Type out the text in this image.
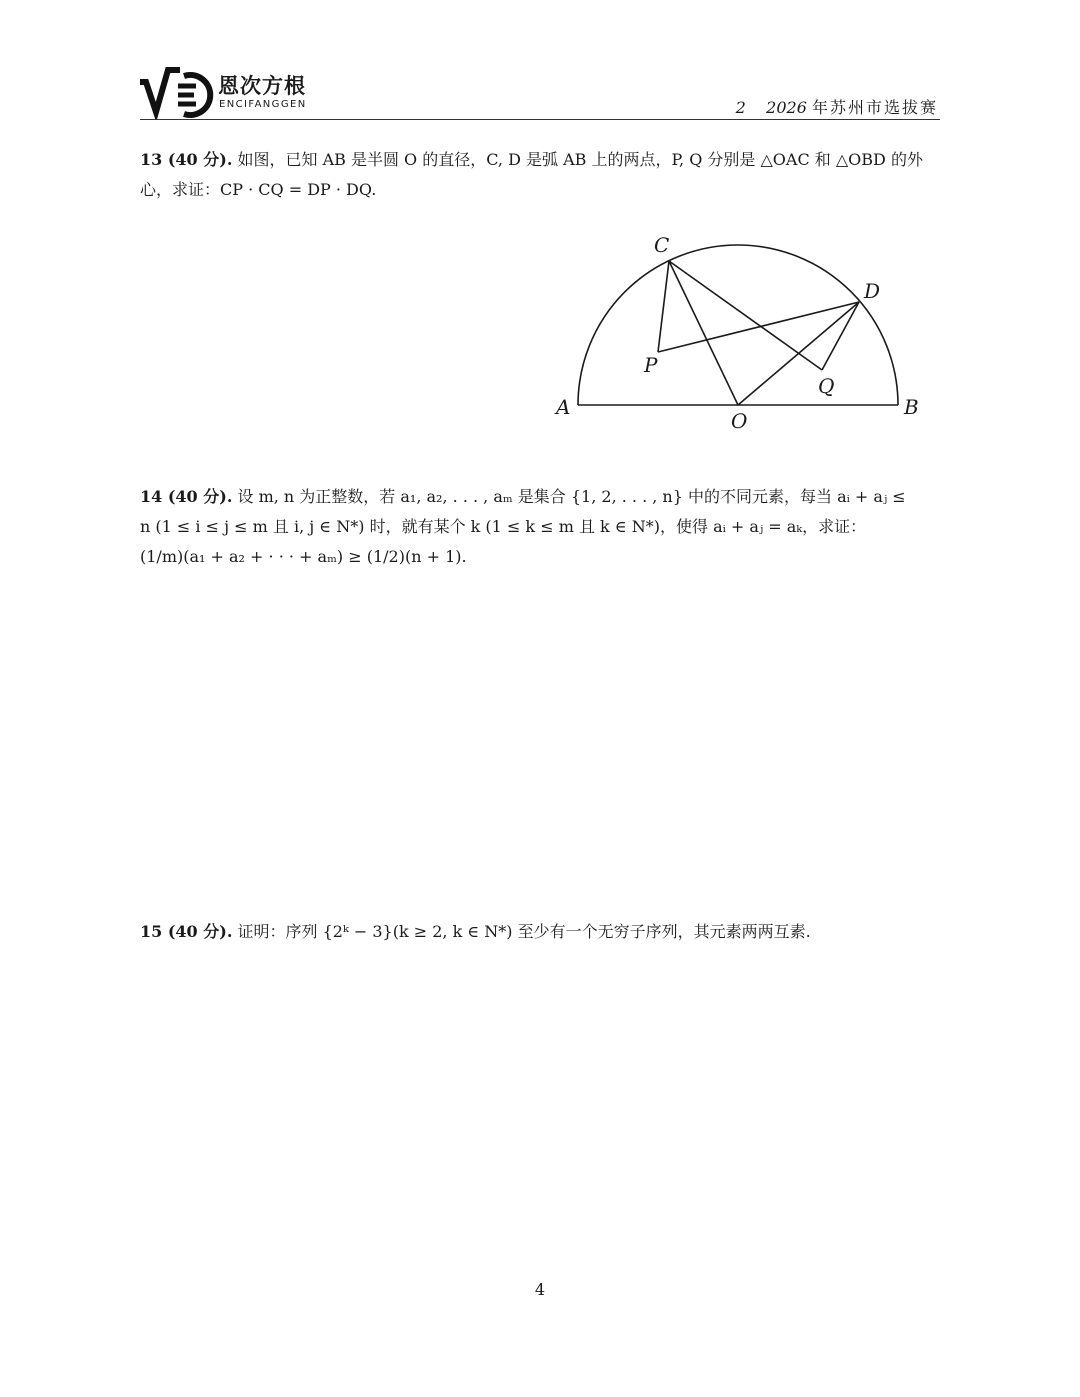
恩次方根
ENCIFANGGEN	2 2026 年苏州市选拔赛
13 (40 分). 如图，已知 AB 是半圆 O 的直径，C, D 是弧 AB 上的两点，P, Q 分别是 △OAC 和 △OBD 的外心，求证：CP · CQ = DP · DQ.
C
D
P
Q
A	B
O
14 (40 分). 设 m, n 为正整数，若 a₁, a₂, . . . , aₘ 是集合 {1, 2, . . . , n} 中的不同元素，每当 aᵢ + aⱼ ≤
n (1 ≤ i ≤ j ≤ m 且 i, j ∈ N*) 时，就有某个 k (1 ≤ k ≤ m 且 k ∈ N*)，使得 aᵢ + aⱼ = aₖ，求证：
(1/m)(a₁ + a₂ + · · · + aₘ) ≥ (1/2)(n + 1).
15 (40 分). 证明：序列 {2ᵏ − 3}(k ≥ 2, k ∈ N*) 至少有一个无穷子序列，其元素两两互素.
4
